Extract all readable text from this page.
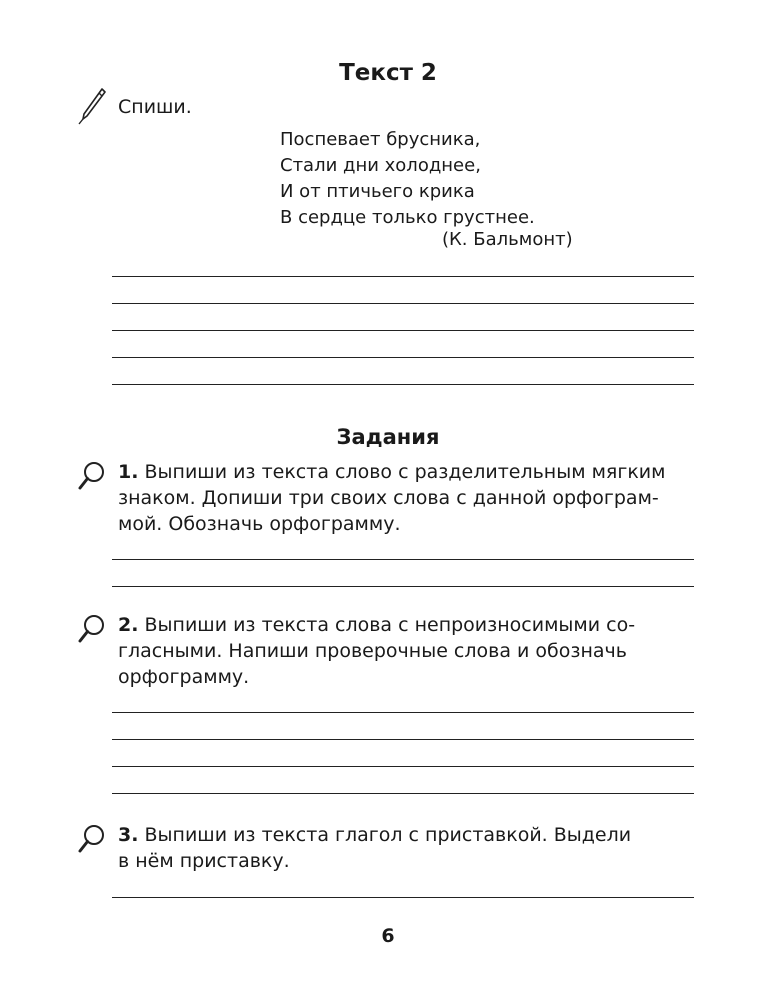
Текст 2

Спиши.

Поспевает брусника,
Стали дни холоднее,
И от птичьего крика
В сердце только грустнее.
(К. Бальмонт)
Задания

1. Выпиши из текста слово с разделительным мягким
знаком. Допиши три своих слова с данной орфограм-
мой. Обозначь орфограмму.

2. Выпиши из текста слова с непроизносимыми со-
гласными. Напиши проверочные слова и обозначь
орфограмму.

3. Выпиши из текста глагол с приставкой. Выдели
в нём приставку.

6
